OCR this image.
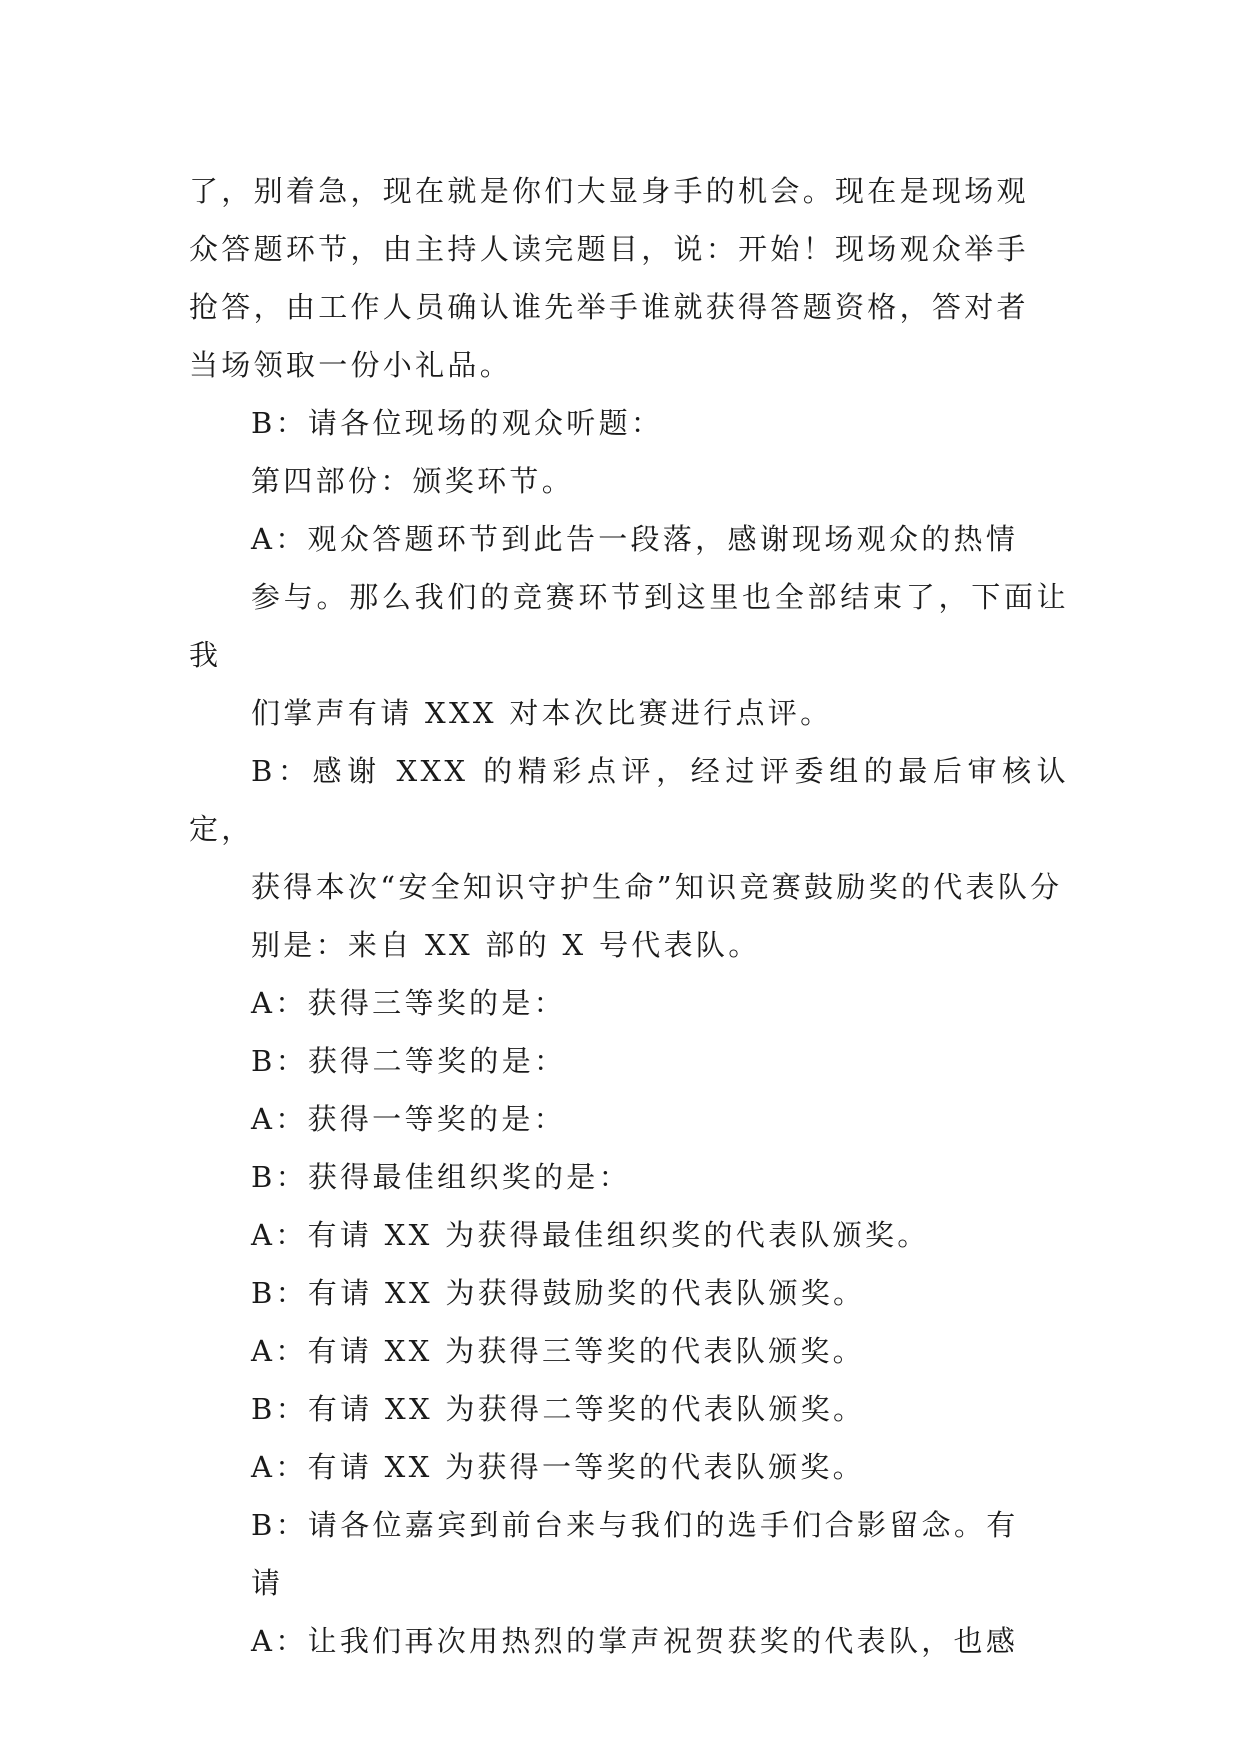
了，别着急，现在就是你们大显身手的机会。现在是现场观
众答题环节，由主持人读完题目，说：开始！现场观众举手
抢答，由工作人员确认谁先举手谁就获得答题资格，答对者
当场领取一份小礼品。

B：请各位现场的观众听题：

第四部份：颁奖环节。

A：观众答题环节到此告一段落，感谢现场观众的热情
参与。那么我们的竞赛环节到这里也全部结束了，下面让我
们掌声有请 XXX 对本次比赛进行点评。

B：感谢 XXX 的精彩点评，经过评委组的最后审核认定，
获得本次“安全知识守护生命”知识竞赛鼓励奖的代表队分
别是：来自 XX 部的 X 号代表队。

A：获得三等奖的是：

B：获得二等奖的是：

A：获得一等奖的是：

B：获得最佳组织奖的是：

A：有请 XX 为获得最佳组织奖的代表队颁奖。

B：有请 XX 为获得鼓励奖的代表队颁奖。

A：有请 XX 为获得三等奖的代表队颁奖。

B：有请 XX 为获得二等奖的代表队颁奖。

A：有请 XX 为获得一等奖的代表队颁奖。

B：请各位嘉宾到前台来与我们的选手们合影留念。有
请

A：让我们再次用热烈的掌声祝贺获奖的代表队，也感
